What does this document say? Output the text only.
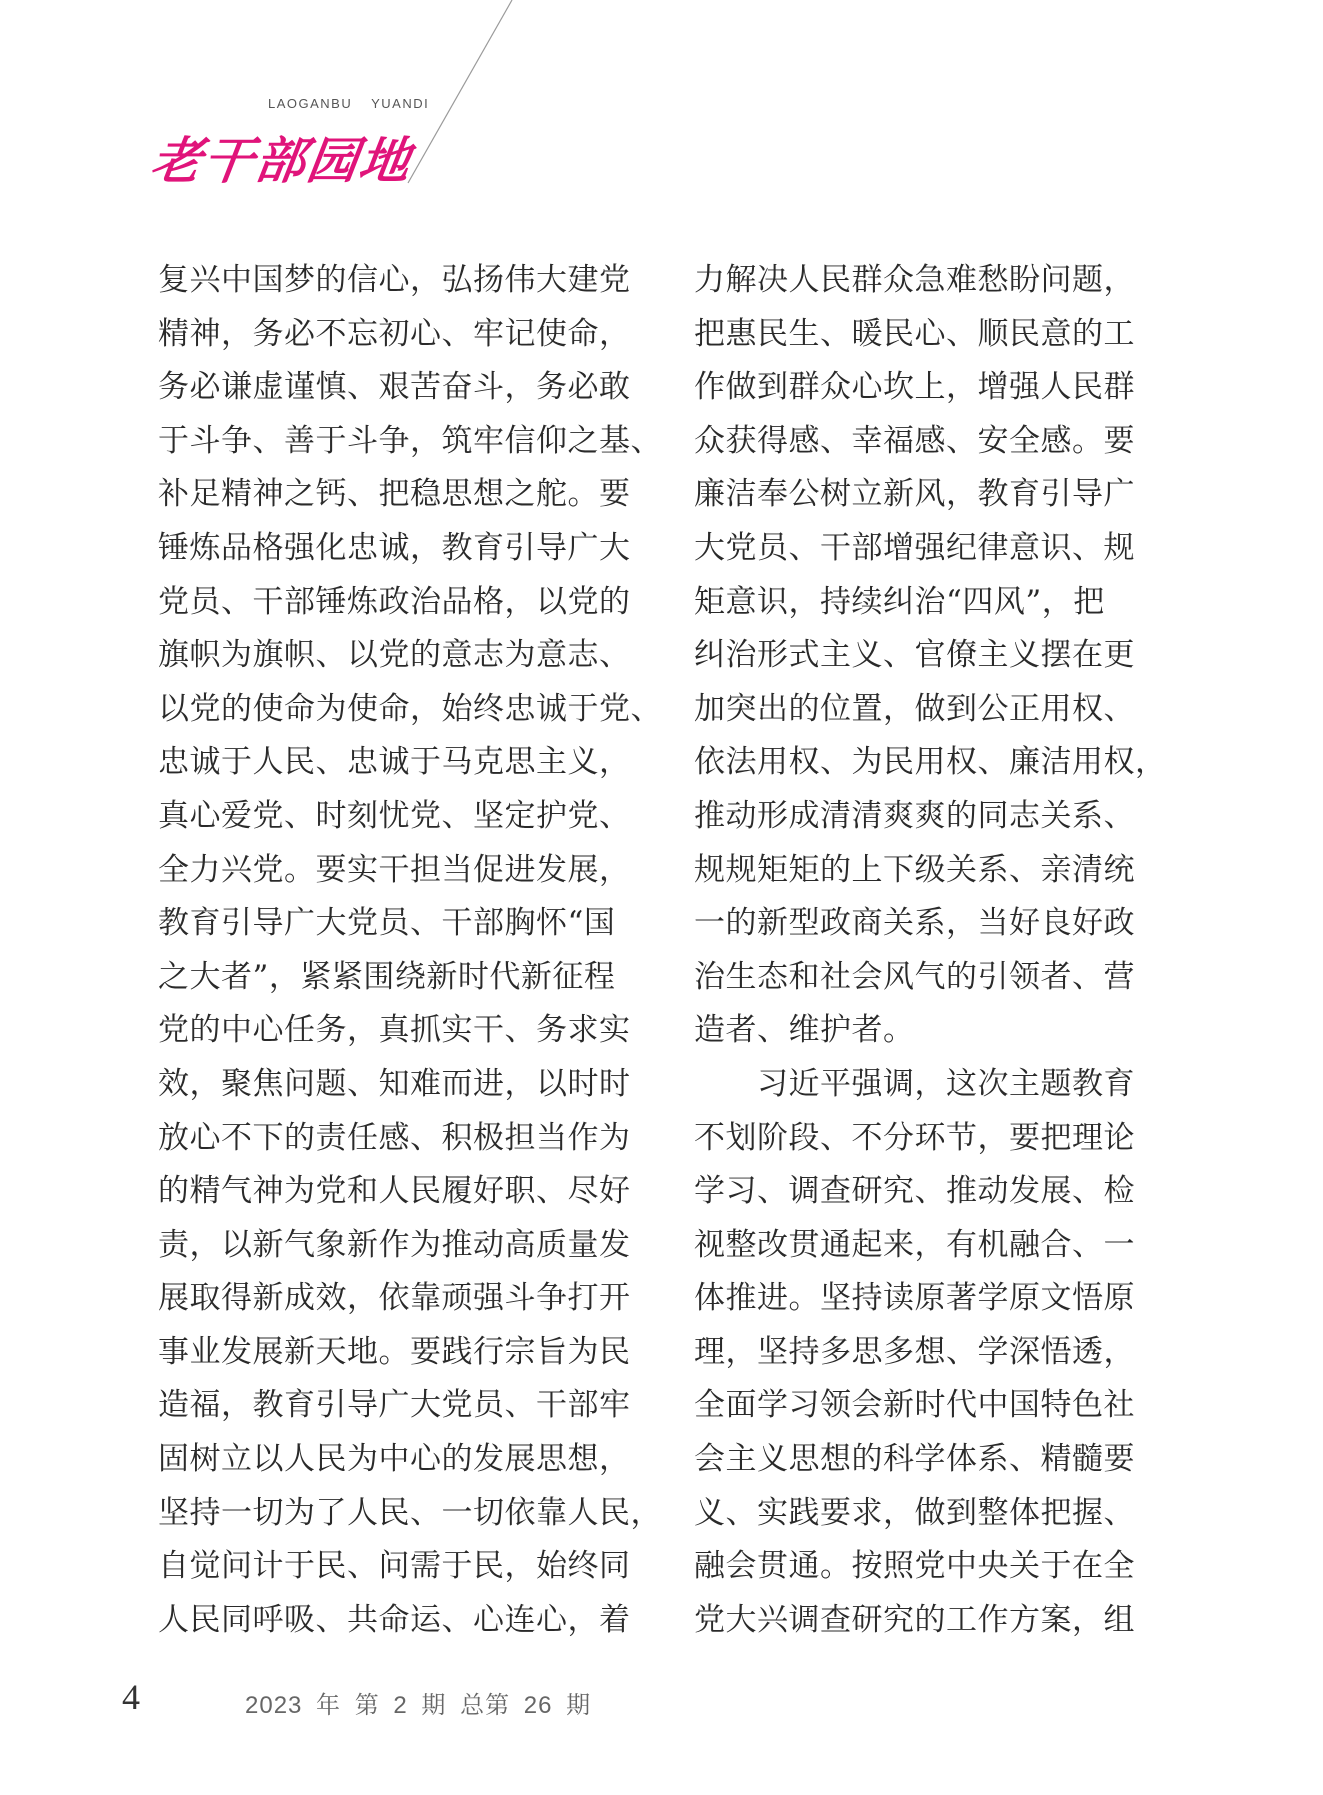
LAOGANBU YUANDI
老干部园地
复兴中国梦的信心，弘扬伟大建党
精神，务必不忘初心、牢记使命，
务必谦虚谨慎、艰苦奋斗，务必敢
于斗争、善于斗争，筑牢信仰之基、
补足精神之钙、把稳思想之舵。要
锤炼品格强化忠诚，教育引导广大
党员、干部锤炼政治品格，以党的
旗帜为旗帜、以党的意志为意志、
以党的使命为使命，始终忠诚于党、
忠诚于人民、忠诚于马克思主义，
真心爱党、时刻忧党、坚定护党、
全力兴党。要实干担当促进发展，
教育引导广大党员、干部胸怀“国
之大者”，紧紧围绕新时代新征程
党的中心任务，真抓实干、务求实
效，聚焦问题、知难而进，以时时
放心不下的责任感、积极担当作为
的精气神为党和人民履好职、尽好
责，以新气象新作为推动高质量发
展取得新成效，依靠顽强斗争打开
事业发展新天地。要践行宗旨为民
造福，教育引导广大党员、干部牢
固树立以人民为中心的发展思想，
坚持一切为了人民、一切依靠人民，
自觉问计于民、问需于民，始终同
人民同呼吸、共命运、心连心，着
力解决人民群众急难愁盼问题，
把惠民生、暖民心、顺民意的工
作做到群众心坎上，增强人民群
众获得感、幸福感、安全感。要
廉洁奉公树立新风，教育引导广
大党员、干部增强纪律意识、规
矩意识，持续纠治“四风”，把
纠治形式主义、官僚主义摆在更
加突出的位置，做到公正用权、
依法用权、为民用权、廉洁用权，
推动形成清清爽爽的同志关系、
规规矩矩的上下级关系、亲清统
一的新型政商关系，当好良好政
治生态和社会风气的引领者、营
造者、维护者。
　　习近平强调，这次主题教育
不划阶段、不分环节，要把理论
学习、调查研究、推动发展、检
视整改贯通起来，有机融合、一
体推进。坚持读原著学原文悟原
理，坚持多思多想、学深悟透，
全面学习领会新时代中国特色社
会主义思想的科学体系、精髓要
义、实践要求，做到整体把握、
融会贯通。按照党中央关于在全
党大兴调查研究的工作方案，组
4	2023 年 第 2 期 总第 26 期
